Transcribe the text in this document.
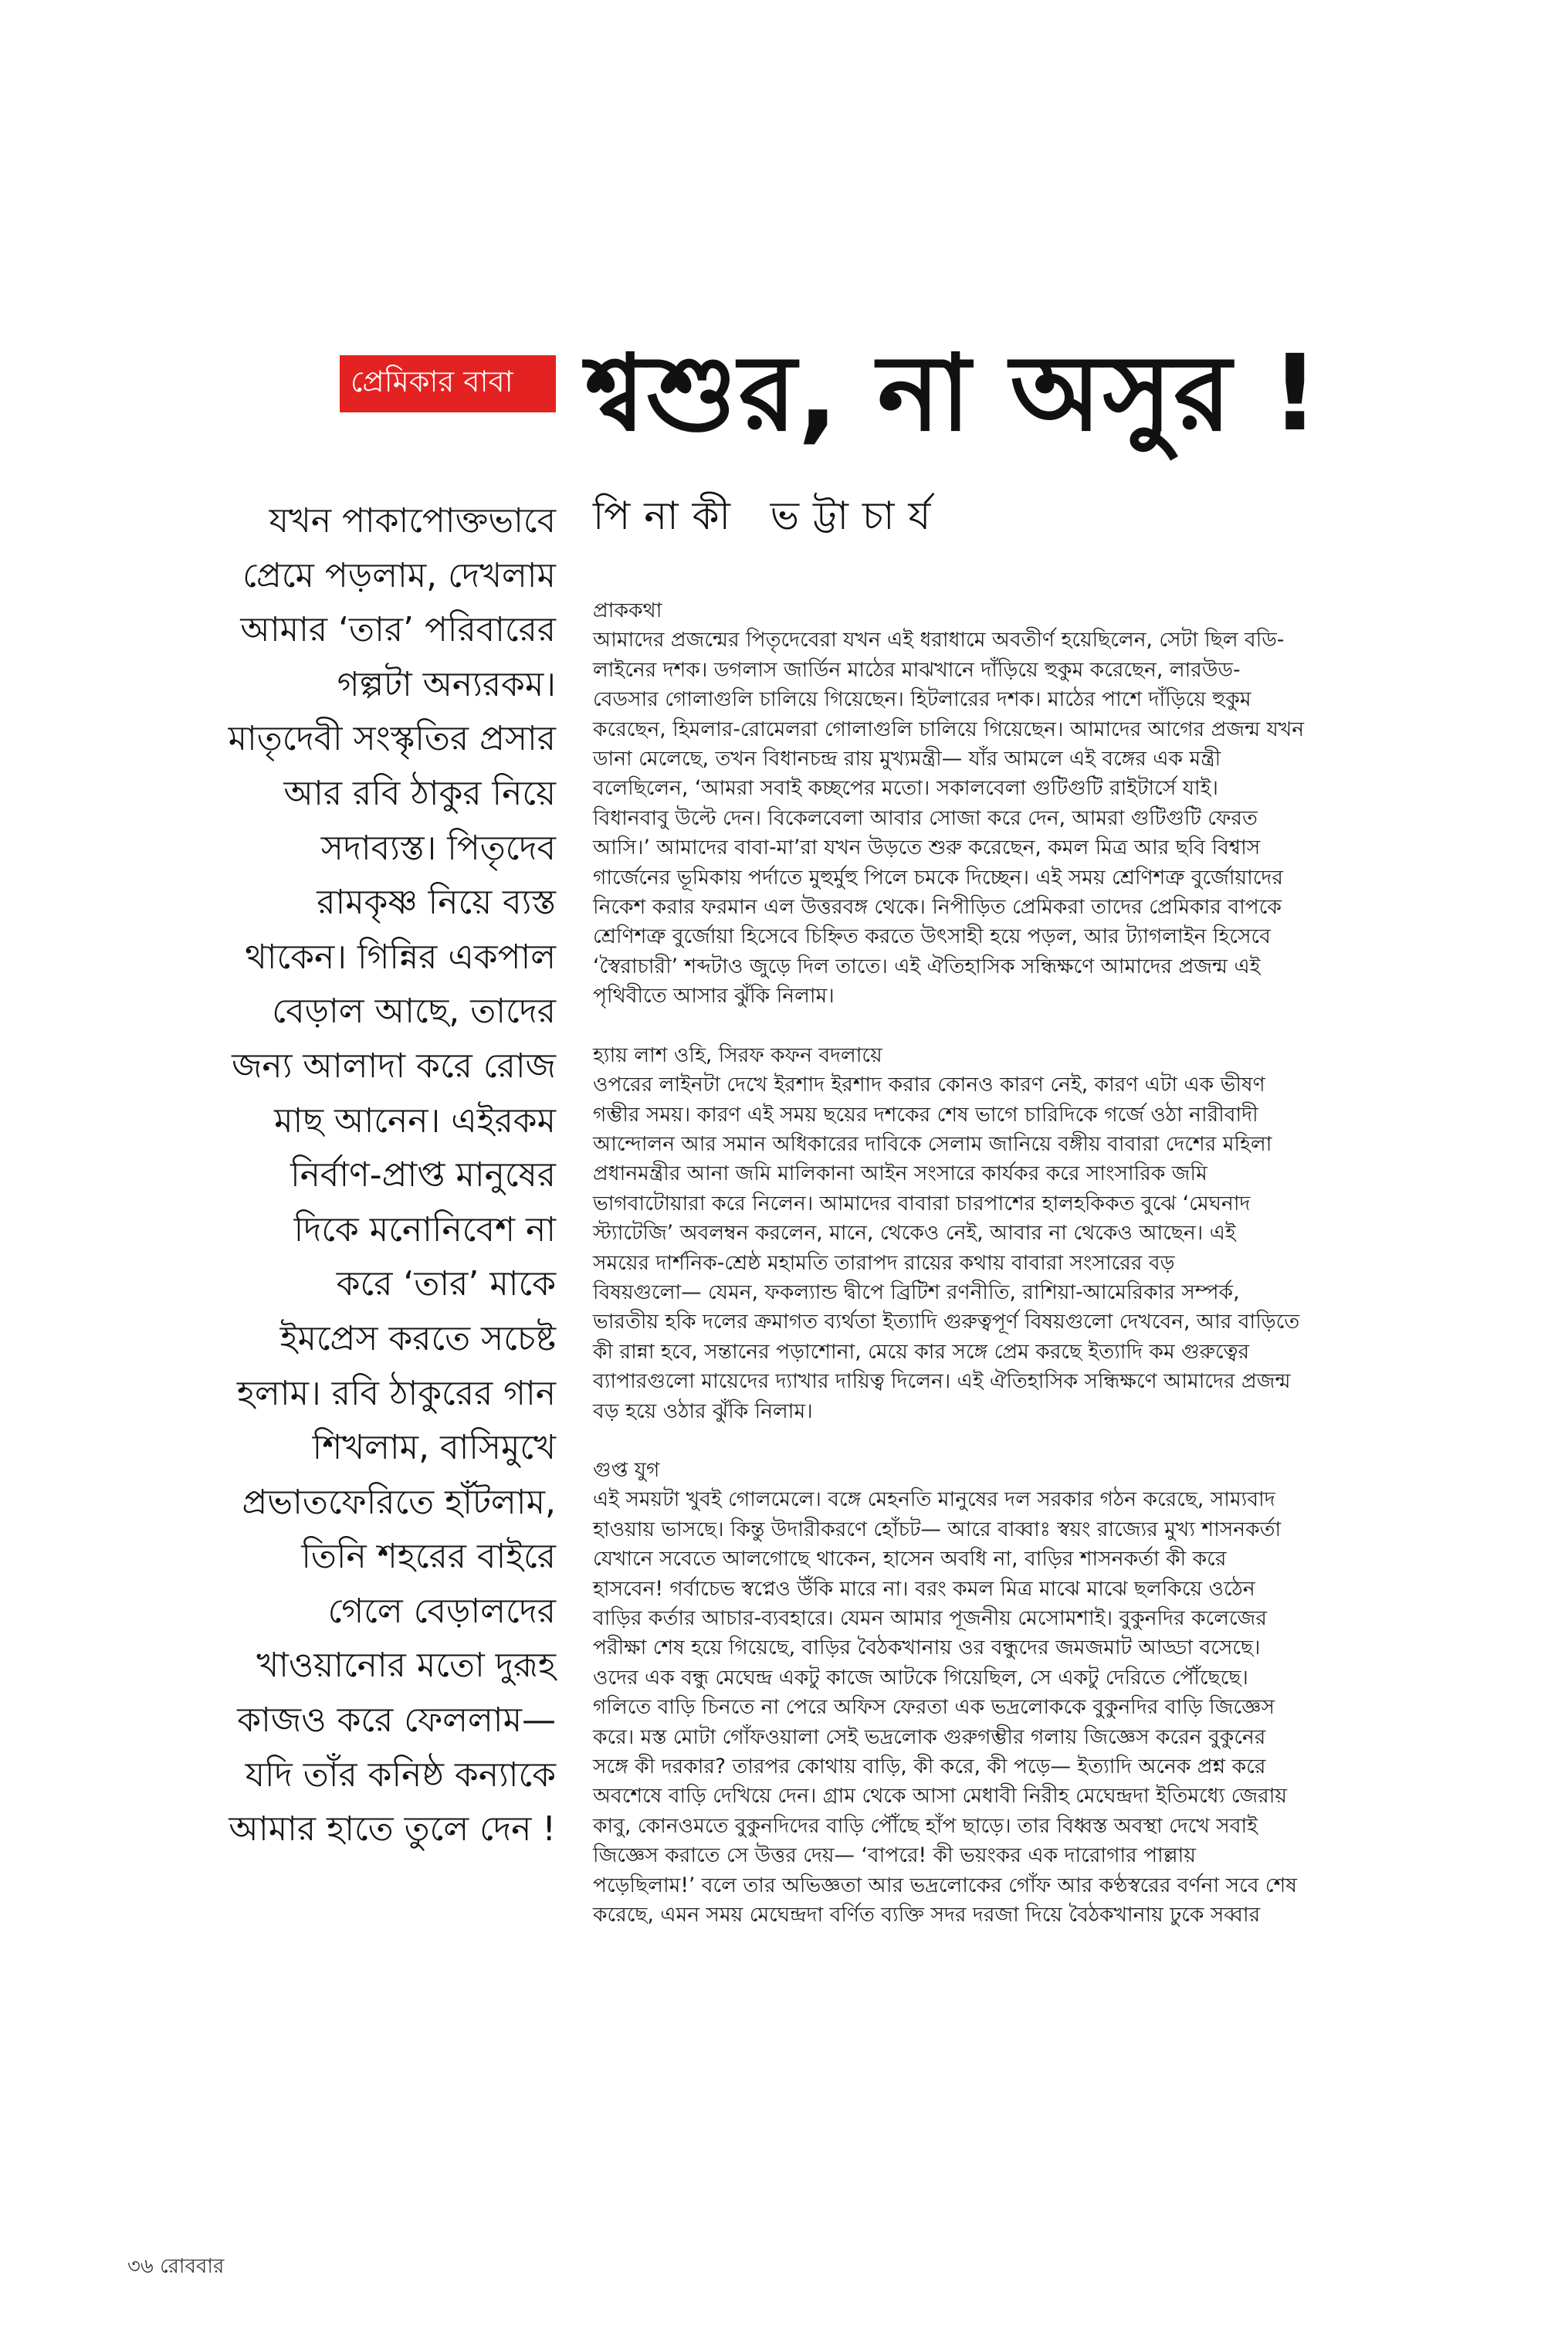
প্রেমিকার বাবা শ্বশুর, না অসুর !
পিনাকী ভট্টাচার্য
যখন পাকাপোক্তভাবে
প্রেমে পড়লাম, দেখলাম
আমার ‘তার’ পরিবারের
গল্পটা অন্যরকম।
মাতৃদেবী সংস্কৃতির প্রসার
আর রবি ঠাকুর নিয়ে
সদাব্যস্ত। পিতৃদেব
রামকৃষ্ণ নিয়ে ব্যস্ত
থাকেন। গিন্নির একপাল
বেড়াল আছে, তাদের
জন্য আলাদা করে রোজ
মাছ আনেন। এইরকম
নির্বাণ-প্রাপ্ত মানুষের
দিকে মনোনিবেশ না
করে ‘তার’ মাকে
ইমপ্রেস করতে সচেষ্ট
হলাম। রবি ঠাকুরের গান
শিখলাম, বাসিমুখে
প্রভাতফেরিতে হাঁটলাম,
তিনি শহরের বাইরে
গেলে বেড়ালদের
খাওয়ানোর মতো দুরূহ
কাজও করে ফেললাম—
যদি তাঁর কনিষ্ঠ কন্যাকে
আমার হাতে তুলে দেন !
প্রাককথা
আমাদের প্রজন্মের পিতৃদেবেরা যখন এই ধরাধামে অবতীর্ণ হয়েছিলেন, সেটা ছিল বডি-
লাইনের দশক। ডগলাস জার্ডিন মাঠের মাঝখানে দাঁড়িয়ে হুকুম করেছেন, লারউড-
বেডসার গোলাগুলি চালিয়ে গিয়েছেন। হিটলারের দশক। মাঠের পাশে দাঁড়িয়ে হুকুম
করেছেন, হিমলার-রোমেলরা গোলাগুলি চালিয়ে গিয়েছেন। আমাদের আগের প্রজন্ম যখন
ডানা মেলেছে, তখন বিধানচন্দ্র রায় মুখ্যমন্ত্রী— যাঁর আমলে এই বঙ্গের এক মন্ত্রী
বলেছিলেন, ‘আমরা সবাই কচ্ছপের মতো। সকালবেলা গুটিগুটি রাইটার্সে যাই।
বিধানবাবু উল্টে দেন। বিকেলবেলা আবার সোজা করে দেন, আমরা গুটিগুটি ফেরত
আসি।’ আমাদের বাবা-মা’রা যখন উড়তে শুরু করেছেন, কমল মিত্র আর ছবি বিশ্বাস
গার্জেনের ভূমিকায় পর্দাতে মুহুর্মুহু পিলে চমকে দিচ্ছেন। এই সময় শ্রেণিশত্রু বুর্জোয়াদের
নিকেশ করার ফরমান এল উত্তরবঙ্গ থেকে। নিপীড়িত প্রেমিকরা তাদের প্রেমিকার বাপকে
শ্রেণিশত্রু বুর্জোয়া হিসেবে চিহ্নিত করতে উৎসাহী হয়ে পড়ল, আর ট্যাগলাইন হিসেবে
‘স্বৈরাচারী’ শব্দটাও জুড়ে দিল তাতে। এই ঐতিহাসিক সন্ধিক্ষণে আমাদের প্রজন্ম এই
পৃথিবীতে আসার ঝুঁকি নিলাম।
হ্যায় লাশ ওহি, সিরফ কফন বদলায়ে
ওপরের লাইনটা দেখে ইরশাদ ইরশাদ করার কোনও কারণ নেই, কারণ এটা এক ভীষণ
গম্ভীর সময়। কারণ এই সময় ছয়ের দশকের শেষ ভাগে চারিদিকে গর্জে ওঠা নারীবাদী
আন্দোলন আর সমান অধিকারের দাবিকে সেলাম জানিয়ে বঙ্গীয় বাবারা দেশের মহিলা
প্রধানমন্ত্রীর আনা জমি মালিকানা আইন সংসারে কার্যকর করে সাংসারিক জমি
ভাগবাটোয়ারা করে নিলেন। আমাদের বাবারা চারপাশের হালহকিকত বুঝে ‘মেঘনাদ
স্ট্যাটেজি’ অবলম্বন করলেন, মানে, থেকেও নেই, আবার না থেকেও আছেন। এই
সময়ের দার্শনিক-শ্রেষ্ঠ মহামতি তারাপদ রায়ের কথায় বাবারা সংসারের বড়
বিষয়গুলো— যেমন, ফকল্যান্ড দ্বীপে ব্রিটিশ রণনীতি, রাশিয়া-আমেরিকার সম্পর্ক,
ভারতীয় হকি দলের ক্রমাগত ব্যর্থতা ইত্যাদি গুরুত্বপূর্ণ বিষয়গুলো দেখবেন, আর বাড়িতে
কী রান্না হবে, সন্তানের পড়াশোনা, মেয়ে কার সঙ্গে প্রেম করছে ইত্যাদি কম গুরুত্বের
ব্যাপারগুলো মায়েদের দ্যাখার দায়িত্ব দিলেন। এই ঐতিহাসিক সন্ধিক্ষণে আমাদের প্রজন্ম
বড় হয়ে ওঠার ঝুঁকি নিলাম।
গুপ্ত যুগ
এই সময়টা খুবই গোলমেলে। বঙ্গে মেহনতি মানুষের দল সরকার গঠন করেছে, সাম্যবাদ
হাওয়ায় ভাসছে। কিন্তু উদারীকরণে হোঁচট— আরে বাব্বাঃ স্বয়ং রাজ্যের মুখ্য শাসনকর্তা
যেখানে সবেতে আলগোছে থাকেন, হাসেন অবধি না, বাড়ির শাসনকর্তা কী করে
হাসবেন! গর্বাচেভ স্বপ্নেও উঁকি মারে না। বরং কমল মিত্র মাঝে মাঝে ছলকিয়ে ওঠেন
বাড়ির কর্তার আচার-ব্যবহারে। যেমন আমার পূজনীয় মেসোমশাই। বুকুনদির কলেজের
পরীক্ষা শেষ হয়ে গিয়েছে, বাড়ির বৈঠকখানায় ওর বন্ধুদের জমজমাট আড্ডা বসেছে।
ওদের এক বন্ধু মেঘেন্দ্র একটু কাজে আটকে গিয়েছিল, সে একটু দেরিতে পৌঁছেছে।
গলিতে বাড়ি চিনতে না পেরে অফিস ফেরতা এক ভদ্রলোককে বুকুনদির বাড়ি জিজ্ঞেস
করে। মস্ত মোটা গোঁফওয়ালা সেই ভদ্রলোক গুরুগম্ভীর গলায় জিজ্ঞেস করেন বুকুনের
সঙ্গে কী দরকার? তারপর কোথায় বাড়ি, কী করে, কী পড়ে— ইত্যাদি অনেক প্রশ্ন করে
অবশেষে বাড়ি দেখিয়ে দেন। গ্রাম থেকে আসা মেধাবী নিরীহ মেঘেন্দ্রদা ইতিমধ্যে জেরায়
কাবু, কোনওমতে বুকুনদিদের বাড়ি পৌঁছে হাঁপ ছাড়ে। তার বিধ্বস্ত অবস্থা দেখে সবাই
জিজ্ঞেস করাতে সে উত্তর দেয়— ‘বাপরে! কী ভয়ংকর এক দারোগার পাল্লায়
পড়েছিলাম!’ বলে তার অভিজ্ঞতা আর ভদ্রলোকের গোঁফ আর কণ্ঠস্বরের বর্ণনা সবে শেষ
করেছে, এমন সময় মেঘেন্দ্রদা বর্ণিত ব্যক্তি সদর দরজা দিয়ে বৈঠকখানায় ঢুকে সব্বার
৩৬ রোববার
